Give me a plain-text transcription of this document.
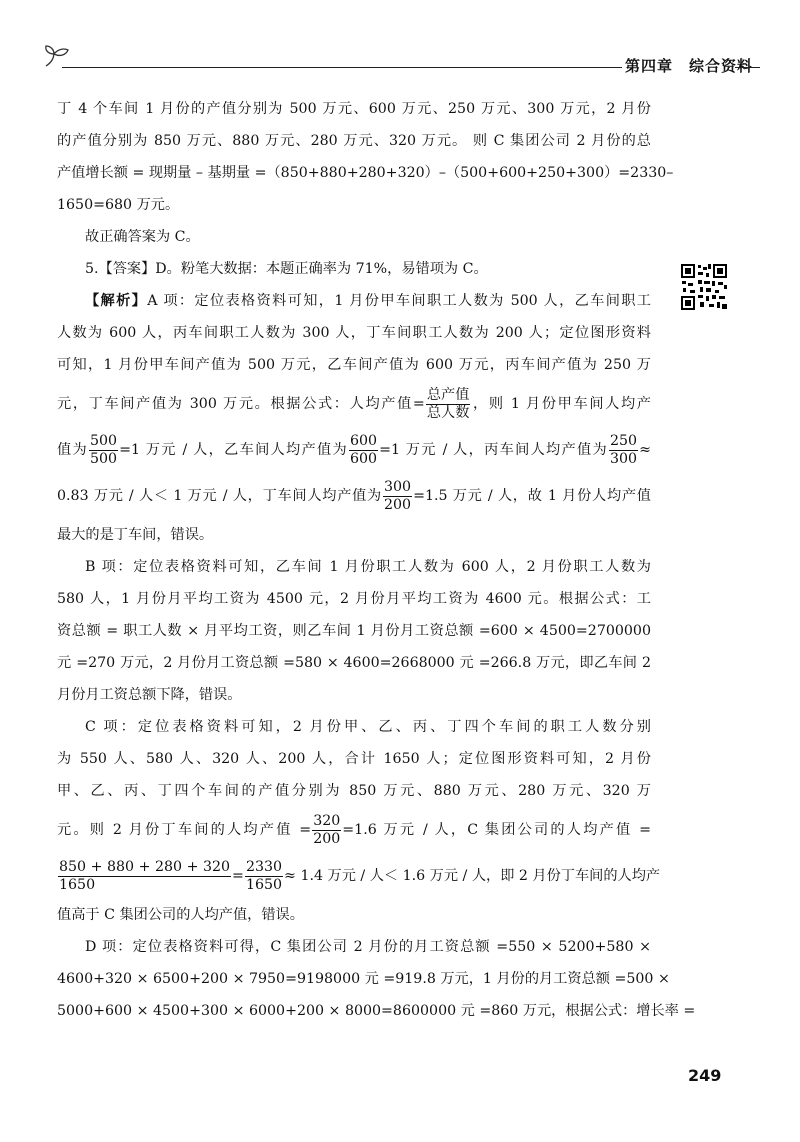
第四章 综合资料
丁 4 个车间 1 月份的产值分别为 500 万元、600 万元、250 万元、300 万元，2 月份
的产值分别为 850 万元、880 万元、280 万元、320 万元。 则 C 集团公司 2 月份的总
产值增长额 = 现期量 – 基期量 =（850+880+280+320）–（500+600+250+300）=2330–
1650=680 万元。
故正确答案为 C。
5.【答案】D。粉笔大数据：本题正确率为 71%，易错项为 C。
【解析】A 项：定位表格资料可知，1 月份甲车间职工人数为 500 人，乙车间职工
人数为 600 人，丙车间职工人数为 300 人，丁车间职工人数为 200 人；定位图形资料
可知，1 月份甲车间产值为 500 万元，乙车间产值为 600 万元，丙车间产值为 250 万
元，丁车间产值为 300 万元。根据公式：人均产值= $\frac{\text{总产值}}{\text{总人数}}$ ，则 1 月份甲车间人均产
值为 $\frac{500}{500} =1$ 万元 / 人，乙车间人均产值为 $\frac{600}{600} =1$ 万元 / 人，丙车间人均产值为 $\frac{250}{300}$ ≈
0.83 万元 / 人＜ 1 万元 / 人，丁车间人均产值为 $\frac{300}{200} =1.5$ 万元 / 人，故 1 月份人均产值
最大的是丁车间，错误。
B 项：定位表格资料可知，乙车间 1 月份职工人数为 600 人，2 月份职工人数为
580 人，1 月份月平均工资为 4500 元，2 月份月平均工资为 4600 元。根据公式：工
资总额 = 职工人数 × 月平均工资，则乙车间 1 月份月工资总额 =600 × 4500=2700000
元 =270 万元，2 月份月工资总额 =580 × 4600=2668000 元 =266.8 万元，即乙车间 2
月份月工资总额下降，错误。
C 项：定位表格资料可知，2 月份甲、乙、丙、丁四个车间的职工人数分别
为 550 人、580 人、320 人、200 人，合计 1650 人；定位图形资料可知，2 月份
甲、乙、丙、丁四个车间的产值分别为 850 万元、880 万元、280 万元、320 万
元。则 2 月份丁车间的人均产值 = $\frac{320}{200} =1.6$ 万元 / 人，C 集团公司的人均产值 =
$\frac{850 + 880 + 280 + 320}{1650} = \frac{2330}{1650} \approx 1.4$ 万元 / 人＜ 1.6 万元 / 人，即 2 月份丁车间的人均产
值高于 C 集团公司的人均产值，错误。
D 项：定位表格资料可得，C 集团公司 2 月份的月工资总额 =550 × 5200+580 ×
4600+320 × 6500+200 × 7950=9198000 元 =919.8 万元，1 月份的月工资总额 =500 ×
5000+600 × 4500+300 × 6000+200 × 8000=8600000 元 =860 万元，根据公式：增长率 =
249
